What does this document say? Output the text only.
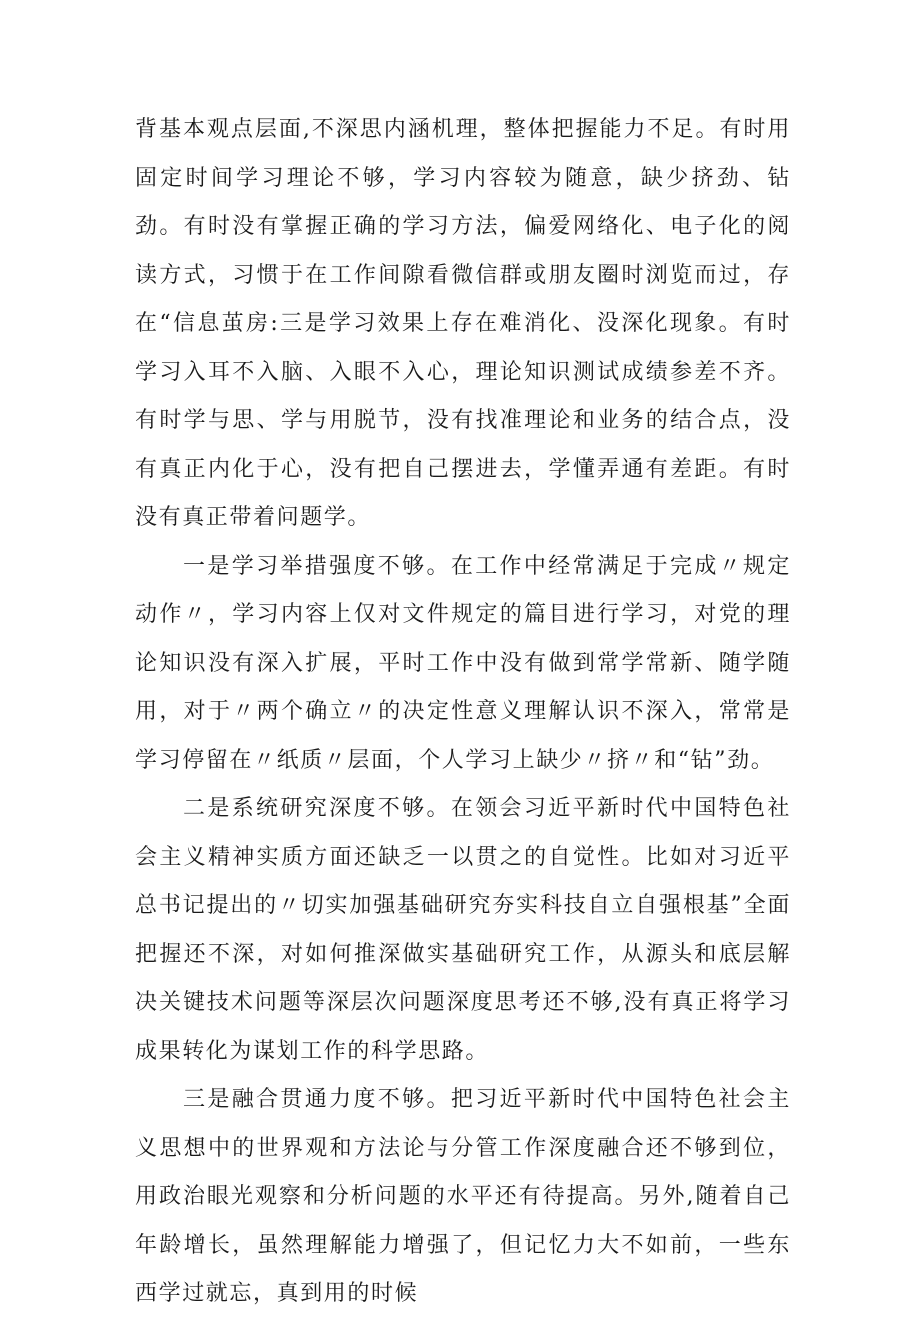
背基本观点层面,不深思内涵机理，整体把握能力不足。有时用固定时间学习理论不够，学习内容较为随意，缺少挤劲、钻劲。有时没有掌握正确的学习方法，偏爱网络化、电子化的阅读方式，习惯于在工作间隙看微信群或朋友圈时浏览而过，存在“信息茧房:三是学习效果上存在难消化、没深化现象。有时学习入耳不入脑、入眼不入心，理论知识测试成绩参差不齐。有时学与思、学与用脱节，没有找准理论和业务的结合点，没有真正内化于心，没有把自己摆进去，学懂弄通有差距。有时没有真正带着问题学。

一是学习举措强度不够。在工作中经常满足于完成〃规定动作〃，学习内容上仅对文件规定的篇目进行学习，对党的理论知识没有深入扩展，平时工作中没有做到常学常新、随学随用，对于〃两个确立〃的决定性意义理解认识不深入，常常是学习停留在〃纸质〃层面，个人学习上缺少〃挤〃和“钻”劲。

二是系统研究深度不够。在领会习近平新时代中国特色社会主义精神实质方面还缺乏一以贯之的自觉性。比如对习近平总书记提出的〃切实加强基础研究夯实科技自立自强根基”全面把握还不深，对如何推深做实基础研究工作，从源头和底层解决关键技术问题等深层次问题深度思考还不够,没有真正将学习成果转化为谋划工作的科学思路。

三是融合贯通力度不够。把习近平新时代中国特色社会主义思想中的世界观和方法论与分管工作深度融合还不够到位，用政治眼光观察和分析问题的水平还有待提高。另外,随着自己年龄增长，虽然理解能力增强了，但记忆力大不如前，一些东西学过就忘，真到用的时候
